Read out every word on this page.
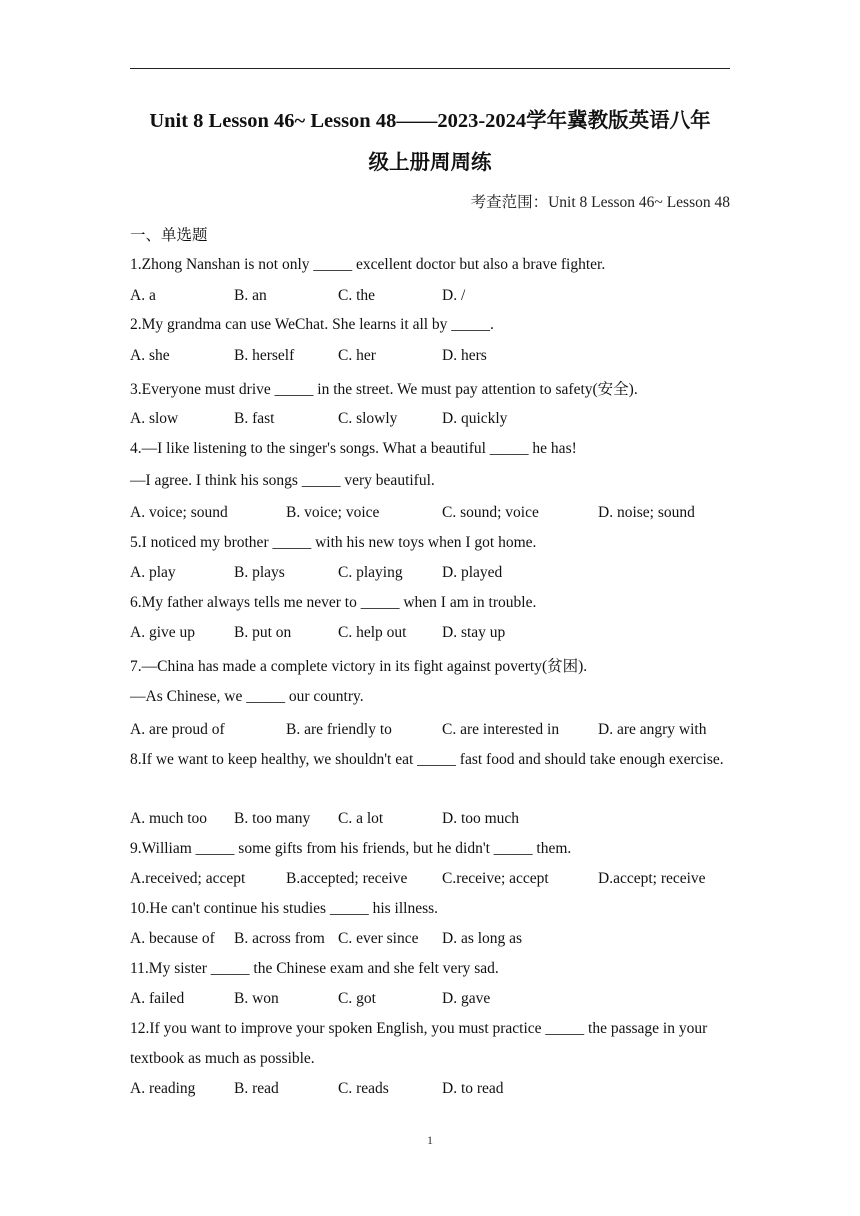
Unit 8 Lesson 46~ Lesson 48——2023-2024学年冀教版英语八年
级上册周周练
考查范围：Unit 8 Lesson 46~ Lesson 48
一、单选题
1.Zhong Nanshan is not only _____ excellent doctor but also a brave fighter.
A. a	B. an	C. the	D. /
2.My grandma can use WeChat. She learns it all by _____.
A. she	B. herself	C. her	D. hers
3.Everyone must drive _____ in the street. We must pay attention to safety(安全).
A. slow	B. fast	C. slowly	D. quickly
4.—I like listening to the singer's songs. What a beautiful _____ he has!
—I agree. I think his songs _____ very beautiful.
A. voice; sound	B. voice; voice	C. sound; voice	D. noise; sound
5.I noticed my brother _____ with his new toys when I got home.
A. play	B. plays	C. playing	D. played
6.My father always tells me never to _____ when I am in trouble.
A. give up	B. put on	C. help out D. stay up
7.—China has made a complete victory in its fight against poverty(贫困).
—As Chinese, we _____ our country.
A. are proud of	B. are friendly to	C. are interested in	D. are angry with
8.If we want to keep healthy, we shouldn't eat _____ fast food and should take enough exercise.
A. much too B. too many C. a lot	D. too much
9.William _____ some gifts from his friends, but he didn't _____ them.
A.received; accept	B.accepted; receive C.receive; accept	D.accept; receive
10.He can't continue his studies _____ his illness.
A. because of B. across from C. ever since D. as long as
11.My sister _____ the Chinese exam and she felt very sad.
A. failed	B. won	C. got	D. gave
12.If you want to improve your spoken English, you must practice _____ the passage in your textbook as much as possible.
A. reading B. read	C. reads	D. to read
1
